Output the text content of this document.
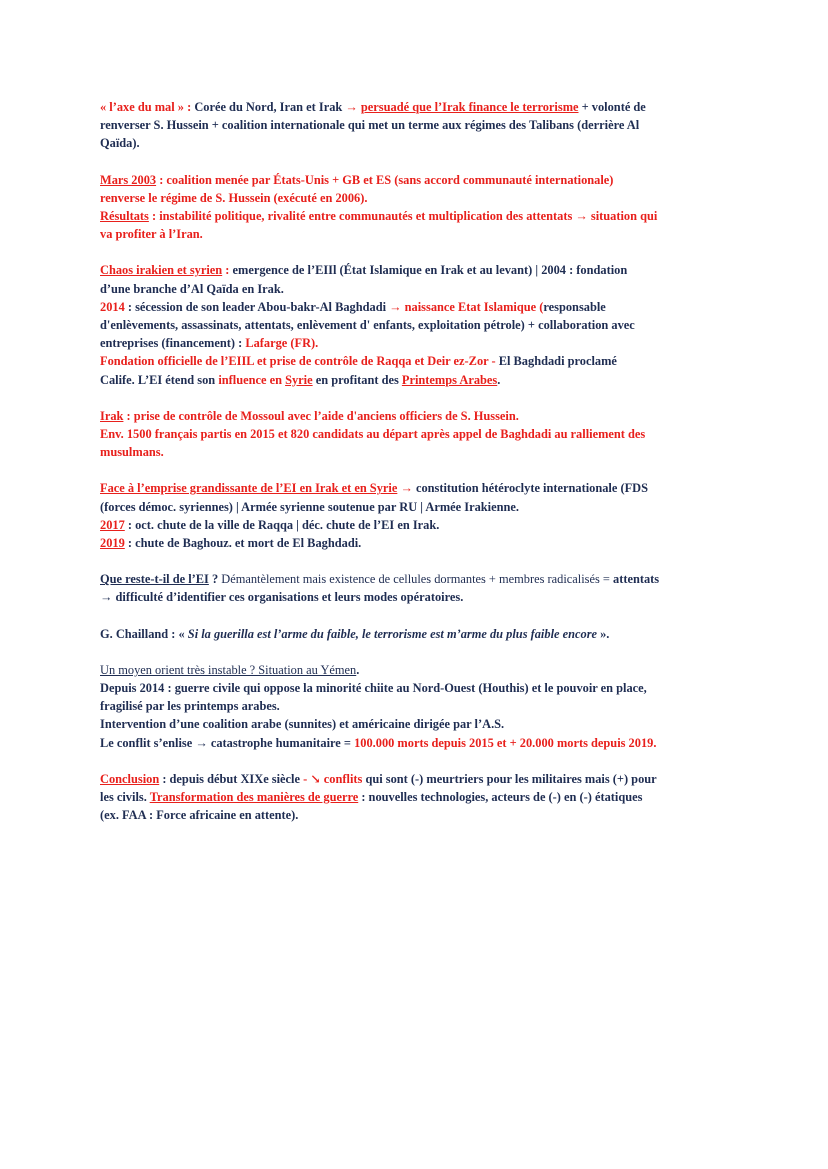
« l’axe du mal » : Corée du Nord, Iran et Irak → persuadé que l’Irak finance le terrorisme + volonté de
renverser S. Hussein + coalition internationale qui met un terme aux régimes des Talibans (derrière Al
Qaïda).
Mars 2003 : coalition menée par États-Unis + GB et ES (sans accord communauté internationale)
renverse le régime de S. Hussein (exécuté en 2006).
Résultats : instabilité politique, rivalité entre communautés et multiplication des attentats → situation qui
va profiter à l’Iran.
Chaos irakien et syrien : emergence de l’EIIl (État Islamique en Irak et au levant) | 2004 : fondation
d’une branche d’Al Qaïda en Irak.
2014 : sécession de son leader Abou-bakr-Al Baghdadi → naissance Etat Islamique (responsable
d'enlèvements, assassinats, attentats, enlèvement d' enfants, exploitation pétrole) + collaboration avec
entreprises (financement) : Lafarge (FR).
Fondation officielle de l’EIIL et prise de contrôle de Raqqa et Deir ez-Zor - El Baghdadi proclamé
Calife. L’EI étend son influence en Syrie en profitant des Printemps Arabes.
Irak : prise de contrôle de Mossoul avec l’aide d'anciens officiers de S. Hussein.
Env. 1500 français partis en 2015 et 820 candidats au départ après appel de Baghdadi au ralliement des
musulmans.
Face à l’emprise grandissante de l’EI en Irak et en Syrie → constitution hétéroclyte internationale (FDS
(forces démoc. syriennes) | Armée syrienne soutenue par RU | Armée Irakienne.
2017 : oct. chute de la ville de Raqqa | déc. chute de l’EI en Irak.
2019 : chute de Baghouz. et mort de El Baghdadi.
Que reste-t-il de l’EI ? Démantèlement mais existence de cellules dormantes + membres radicalisés = attentats
→ difficulté d’identifier ces organisations et leurs modes opératoires.
G. Chailland : « Si la guerilla est l’arme du faible, le terrorisme est m’arme du plus faible encore ».
Un moyen orient très instable ? Situation au Yémen.
Depuis 2014 : guerre civile qui oppose la minorité chiite au Nord-Ouest (Houthis) et le pouvoir en place,
fragilisé par les printemps arabes.
Intervention d’une coalition arabe (sunnites) et américaine dirigée par l’A.S.
Le conflit s’enlise → catastrophe humanitaire = 100.000 morts depuis 2015 et + 20.000 morts depuis 2019.
Conclusion : depuis début XIXe siècle - ↘ conflits qui sont (-) meurtriers pour les militaires mais (+) pour
les civils. Transformation des manières de guerre : nouvelles technologies, acteurs de (-) en (-) étatiques
(ex. FAA : Force africaine en attente).
